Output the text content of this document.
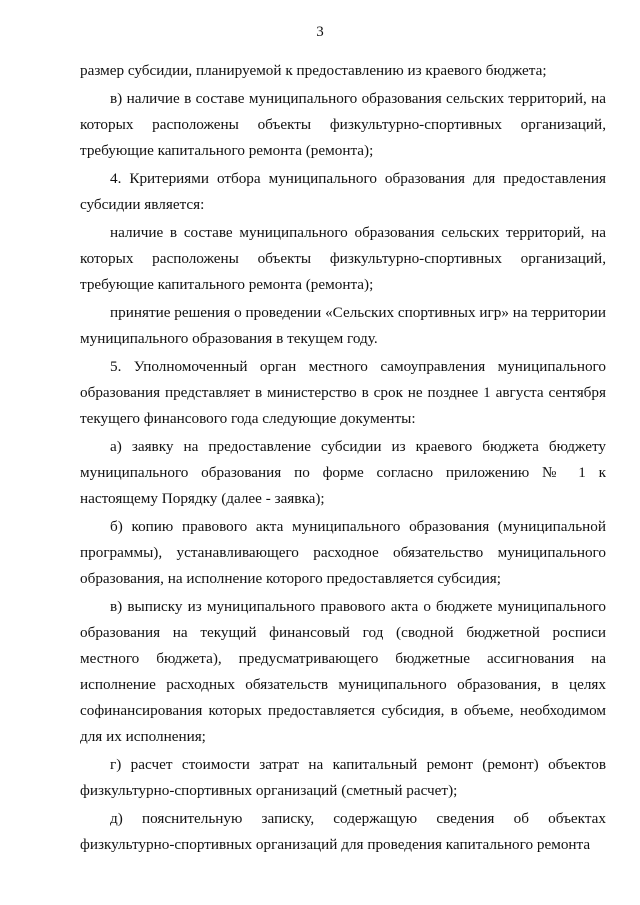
3

размер субсидии, планируемой к предоставлению из краевого бюджета;

в) наличие в составе муниципального образования сельских территорий, на которых расположены объекты физкультурно-спортивных организаций, требующие капитального ремонта (ремонта);

4. Критериями отбора муниципального образования для предоставления субсидии является:

наличие в составе муниципального образования сельских территорий, на которых расположены объекты физкультурно-спортивных организаций, требующие капитального ремонта (ремонта);

принятие решения о проведении «Сельских спортивных игр» на территории муниципального образования в текущем году.

5. Уполномоченный орган местного самоуправления муниципального образования представляет в министерство в срок не позднее 1 августа сентября текущего финансового года следующие документы:

а) заявку на предоставление субсидии из краевого бюджета бюджету муниципального образования по форме согласно приложению № 1 к настоящему Порядку (далее - заявка);

б) копию правового акта муниципального образования (муниципальной программы), устанавливающего расходное обязательство муниципального образования, на исполнение которого предоставляется субсидия;

в) выписку из муниципального правового акта о бюджете муниципального образования на текущий финансовый год (сводной бюджетной росписи местного бюджета), предусматривающего бюджетные ассигнования на исполнение расходных обязательств муниципального образования, в целях софинансирования которых предоставляется субсидия, в объеме, необходимом для их исполнения;

г) расчет стоимости затрат на капитальный ремонт (ремонт) объектов физкультурно-спортивных организаций (сметный расчет);

д) пояснительную записку, содержащую сведения об объектах физкультурно-спортивных организаций для проведения капитального ремонта
